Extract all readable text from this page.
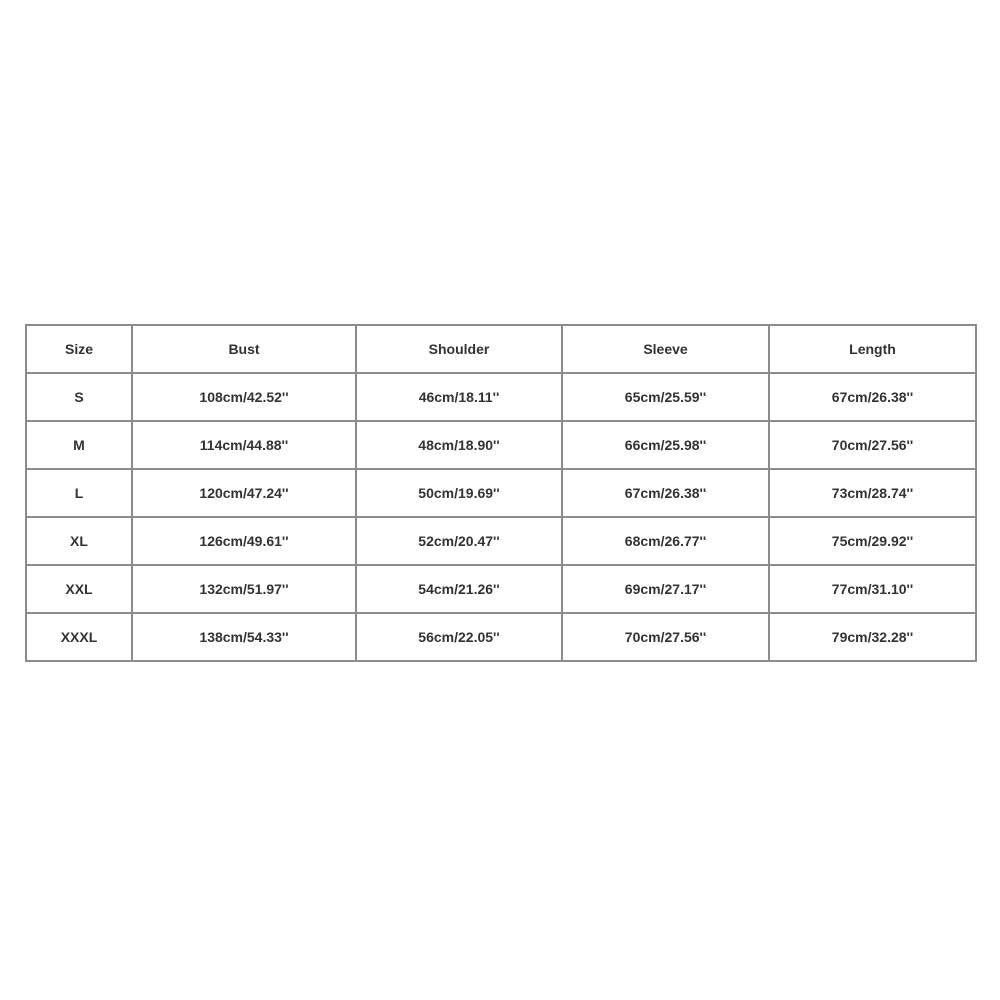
Size	Bust	Shoulder	Sleeve	Length
S	108cm/42.52''	46cm/18.11''	65cm/25.59''	67cm/26.38''
M	114cm/44.88''	48cm/18.90''	66cm/25.98''	70cm/27.56''
L	120cm/47.24''	50cm/19.69''	67cm/26.38''	73cm/28.74''
XL	126cm/49.61''	52cm/20.47''	68cm/26.77''	75cm/29.92''
XXL	132cm/51.97''	54cm/21.26''	69cm/27.17''	77cm/31.10''
XXXL	138cm/54.33''	56cm/22.05''	70cm/27.56''	79cm/32.28''
